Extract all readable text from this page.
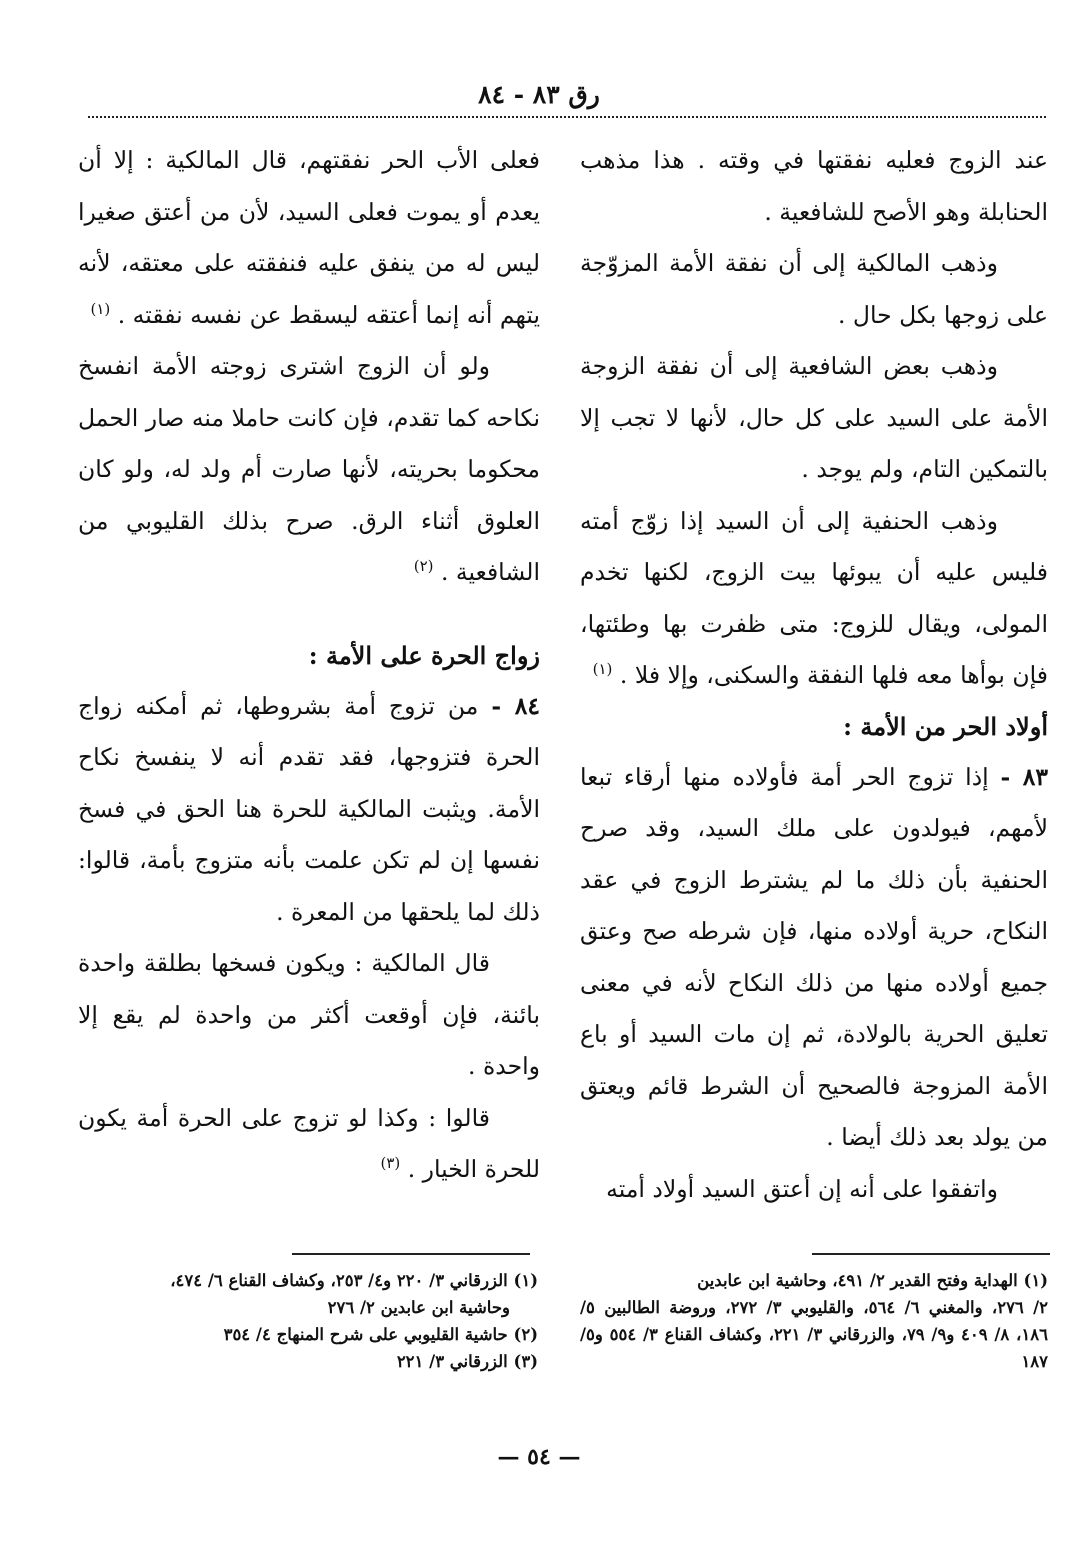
رق ٨٣ - ٨٤

عند الزوج فعليه نفقتها في وقته . هذا مذهب الحنابلة وهو الأصح للشافعية .

وذهب المالكية إلى أن نفقة الأمة المزوّجة على زوجها بكل حال .

وذهب بعض الشافعية إلى أن نفقة الزوجة الأمة على السيد على كل حال، لأنها لا تجب إلا بالتمكين التام، ولم يوجد .

وذهب الحنفية إلى أن السيد إذا زوّج أمته فليس عليه أن يبوئها بيت الزوج، لكنها تخدم المولى، ويقال للزوج: متى ظفرت بها وطئتها، فإن بوأها معه فلها النفقة والسكنى، وإلا فلا . $^{(١)}$

أولاد الحر من الأمة :

٨٣ - إذا تزوج الحر أمة فأولاده منها أرقاء تبعا لأمهم، فيولدون على ملك السيد، وقد صرح الحنفية بأن ذلك ما لم يشترط الزوج في عقد النكاح، حرية أولاده منها، فإن شرطه صح وعتق جميع أولاده منها من ذلك النكاح لأنه في معنى تعليق الحرية بالولادة، ثم إن مات السيد أو باع الأمة المزوجة فالصحيح أن الشرط قائم ويعتق من يولد بعد ذلك أيضا .

واتفقوا على أنه إن أعتق السيد أولاد أمته

فعلى الأب الحر نفقتهم، قال المالكية : إلا أن يعدم أو يموت فعلى السيد، لأن من أعتق صغيرا ليس له من ينفق عليه فنفقته على معتقه، لأنه يتهم أنه إنما أعتقه ليسقط عن نفسه نفقته . $^{(١)}$

ولو أن الزوج اشترى زوجته الأمة انفسخ نكاحه كما تقدم، فإن كانت حاملا منه صار الحمل محكوما بحريته، لأنها صارت أم ولد له، ولو كان العلوق أثناء الرق. صرح بذلك القليوبي من الشافعية . $^{(٢)}$

زواج الحرة على الأمة :

٨٤ - من تزوج أمة بشروطها، ثم أمكنه زواج الحرة فتزوجها، فقد تقدم أنه لا ينفسخ نكاح الأمة. ويثبت المالكية للحرة هنا الحق في فسخ نفسها إن لم تكن علمت بأنه متزوج بأمة، قالوا: ذلك لما يلحقها من المعرة .

قال المالكية : ويكون فسخها بطلقة واحدة بائنة، فإن أوقعت أكثر من واحدة لم يقع إلا واحدة .

قالوا : وكذا لو تزوج على الحرة أمة يكون للحرة الخيار . $^{(٣)}$

(١) الهداية وفتح القدير ٢/ ٤٩١، وحاشية ابن عابدين

٢/ ٢٧٦، والمغني ٦/ ٥٦٤، والقليوبي ٣/ ٢٧٢، وروضة الطالبين ٥/ ١٨٦، ٨/ ٤٠٩ و٩/ ٧٩، والزرقاني ٣/ ٢٢١، وكشاف القناع ٣/ ٥٥٤ و٥/ ١٨٧

(١) الزرقاني ٣/ ٢٢٠ و٤/ ٢٥٣، وكشاف القناع ٦/ ٤٧٤،

وحاشية ابن عابدين ٢/ ٢٧٦

(٢) حاشية القليوبي على شرح المنهاج ٤/ ٣٥٤

(٣) الزرقاني ٣/ ٢٢١

— ٥٤ —
